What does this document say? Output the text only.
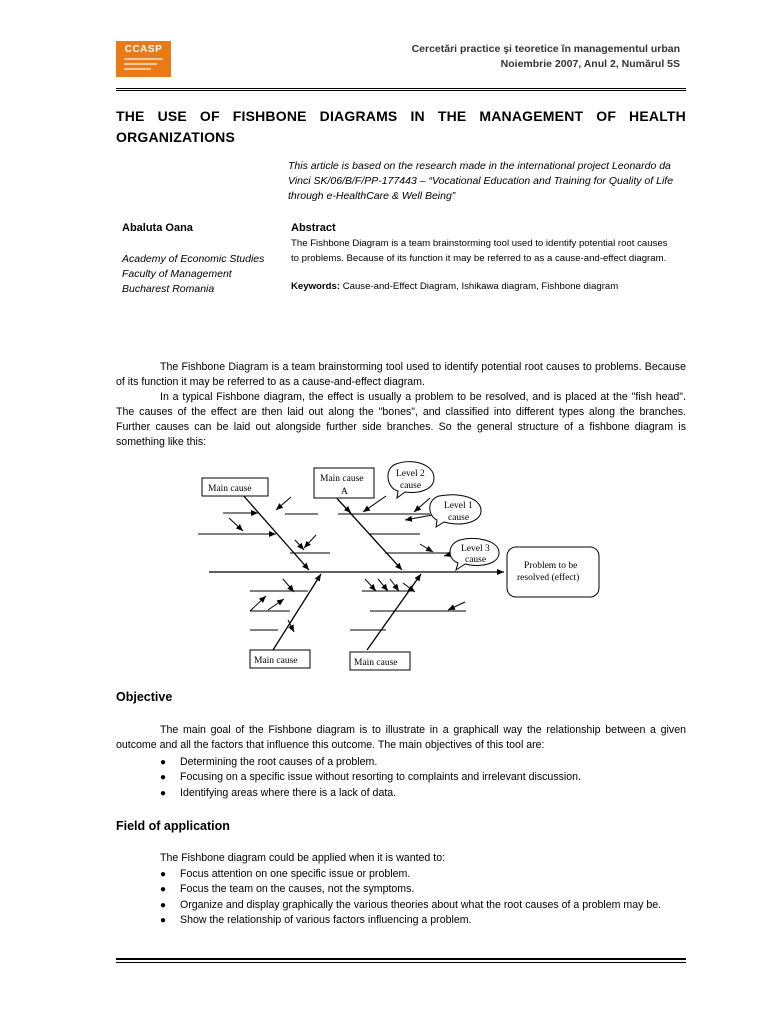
CCASP	Cercetări practice şi teoretice în managementul urban
Noiembrie 2007, Anul 2, Numărul 5S
THE USE OF FISHBONE DIAGRAMS IN THE MANAGEMENT OF HEALTH ORGANIZATIONS
This article is based on the research made in the international project Leonardo da Vinci SK/06/B/F/PP-177443 – “Vocational Education and Training for Quality of Life through e-HealthCare & Well Being”
Abaluta Oana
Academy of Economic Studies
Faculty of Management
Bucharest Romania
Abstract
The Fishbone Diagram is a team brainstorming tool used to identify potential root causes to problems. Because of its function it may be referred to as a cause-and-effect diagram.
Keywords: Cause-and-Effect Diagram, Ishikawa diagram, Fishbone diagram
The Fishbone Diagram is a team brainstorming tool used to identify potential root causes to problems. Because of its function it may be referred to as a cause-and-effect diagram.
In a typical Fishbone diagram, the effect is usually a problem to be resolved, and is placed at the "fish head". The causes of the effect are then laid out along the "bones", and classified into different types along the branches. Further causes can be laid out alongside further side branches. So the general structure of a fishbone diagram is something like this:
Main cause
Main cause
A
Level 2
cause
Level 1
cause
Level 3
cause
Problem to be
resolved (effect)
Main cause	Main cause
Objective
The main goal of the Fishbone diagram is to illustrate in a graphicall way the relationship between a given outcome and all the factors that influence this outcome. The main objectives of this tool are:
● Determining the root causes of a problem.
● Focusing on a specific issue without resorting to complaints and irrelevant discussion.
● Identifying areas where there is a lack of data.
Field of application
The Fishbone diagram could be applied when it is wanted to:
● Focus attention on one specific issue or problem.
● Focus the team on the causes, not the symptoms.
● Organize and display graphically the various theories about what the root causes of a problem may be.
● Show the relationship of various factors influencing a problem.
